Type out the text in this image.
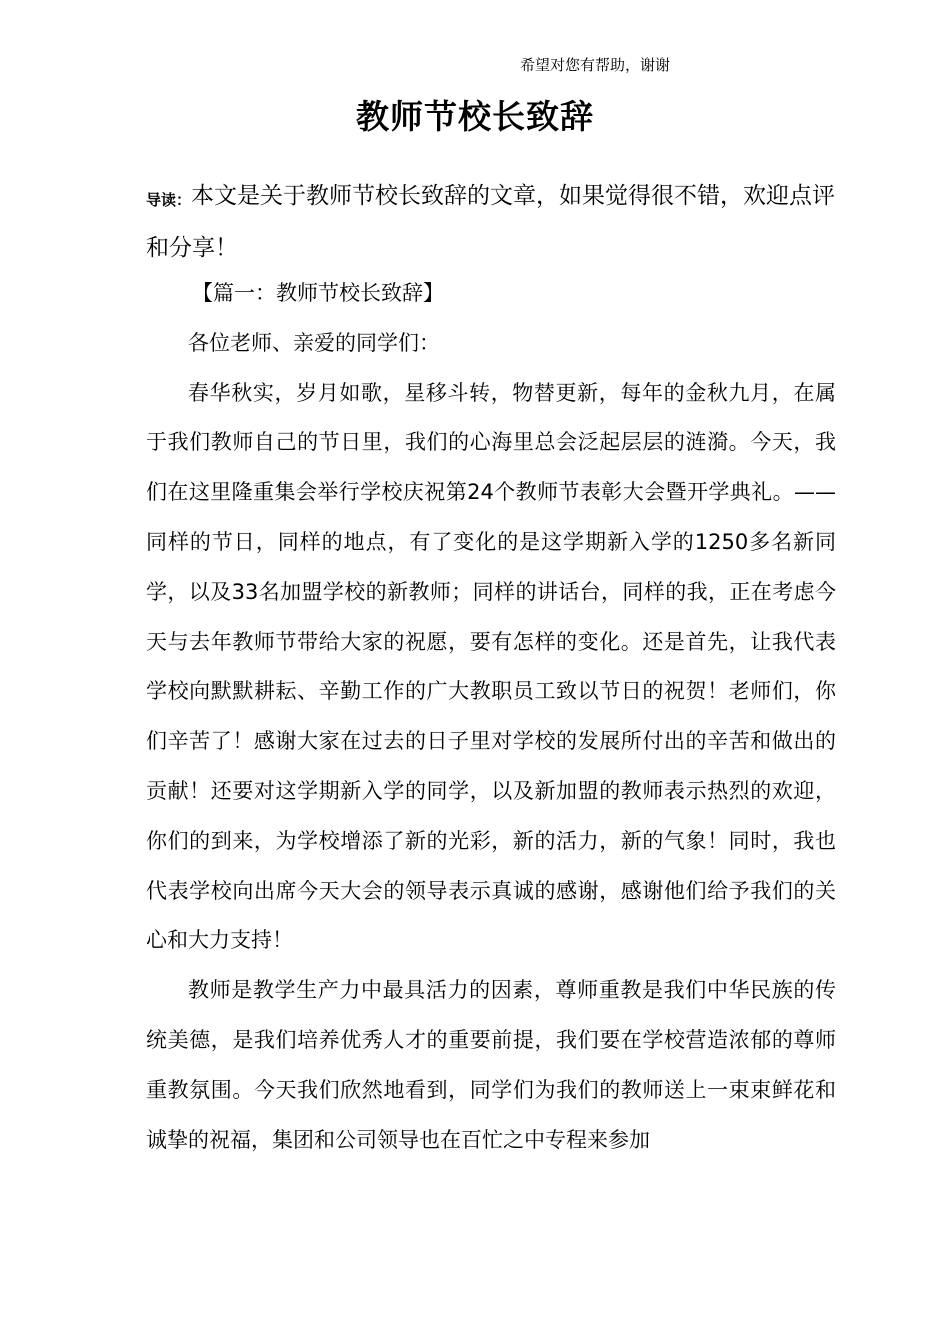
希望对您有帮助，谢谢
教师节校长致辞
导读：本文是关于教师节校长致辞的文章，如果觉得很不错，欢迎点评和分享！

【篇一：教师节校长致辞】

各位老师、亲爱的同学们：

春华秋实，岁月如歌，星移斗转，物替更新，每年的金秋九月，在属于我们教师自己的节日里，我们的心海里总会泛起层层的涟漪。今天，我们在这里隆重集会举行学校庆祝第24个教师节表彰大会暨开学典礼。——同样的节日，同样的地点，有了变化的是这学期新入学的1250多名新同学，以及33名加盟学校的新教师；同样的讲话台，同样的我，正在考虑今天与去年教师节带给大家的祝愿，要有怎样的变化。还是首先，让我代表学校向默默耕耘、辛勤工作的广大教职员工致以节日的祝贺！老师们，你们辛苦了！感谢大家在过去的日子里对学校的发展所付出的辛苦和做出的贡献！还要对这学期新入学的同学，以及新加盟的教师表示热烈的欢迎，你们的到来，为学校增添了新的光彩，新的活力，新的气象！同时，我也代表学校向出席今天大会的领导表示真诚的感谢，感谢他们给予我们的关心和大力支持！

教师是教学生产力中最具活力的因素，尊师重教是我们中华民族的传统美德，是我们培养优秀人才的重要前提，我们要在学校营造浓郁的尊师重教氛围。今天我们欣然地看到，同学们为我们的教师送上一束束鲜花和诚挚的祝福，集团和公司领导也在百忙之中专程来参加
